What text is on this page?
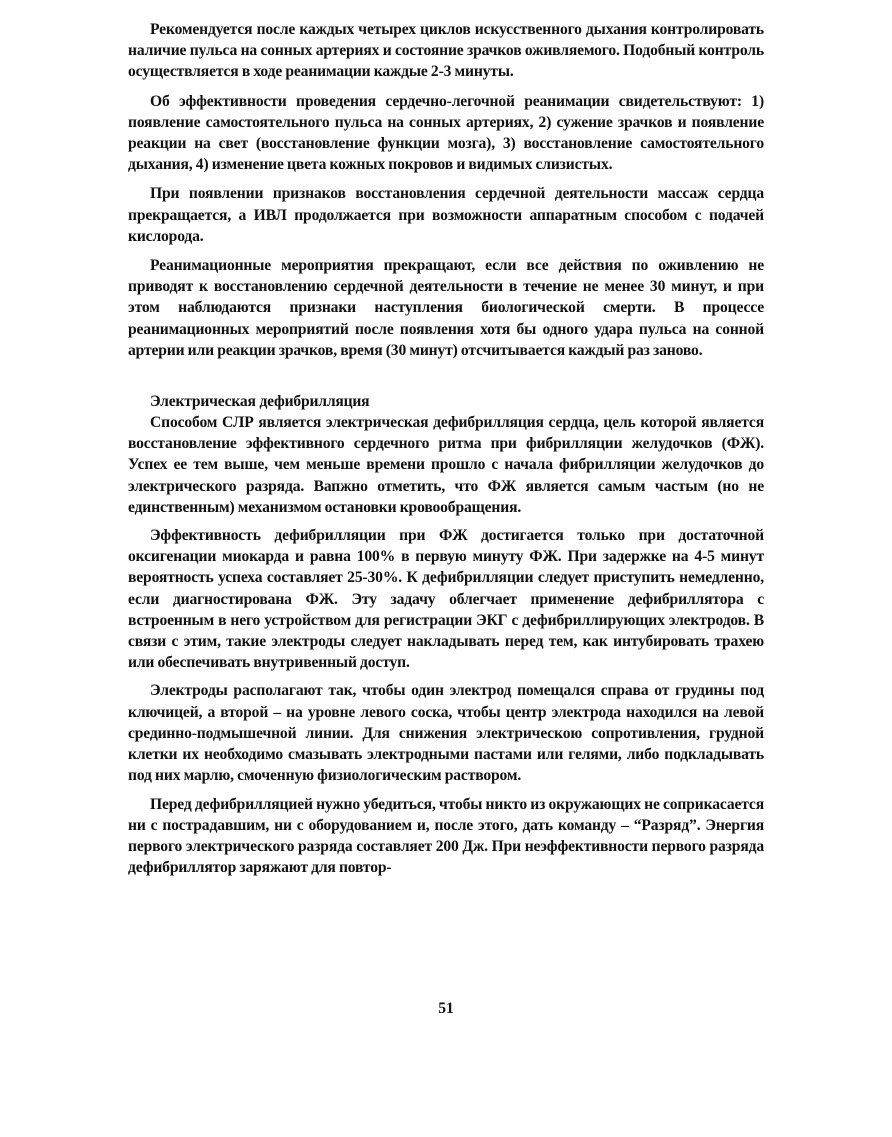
Рекомендуется после каждых четырех циклов искусственного дыхания контролировать наличие пульса на сонных артериях и состояние зрачков оживляемого. Подобный контроль осуществляется в ходе реанимации каждые 2-3 минуты.

Об эффективности проведения сердечно-легочной реанимации свидетельствуют: 1) появление самостоятельного пульса на сонных артериях, 2) сужение зрачков и появление реакции на свет (восстановление функции мозга), 3) восстановление самостоятельного дыхания, 4) изменение цвета кожных покровов и видимых слизистых.

При появлении признаков восстановления сердечной деятельности массаж сердца прекращается, а ИВЛ продолжается при возможности аппаратным способом с подачей кислорода.

Реанимационные мероприятия прекращают, если все действия по оживлению не приводят к восстановлению сердечной деятельности в течение не менее 30 минут, и при этом наблюдаются признаки наступления биологической смерти. В процессе реанимационных мероприятий после появления хотя бы одного удара пульса на сонной артерии или реакции зрачков, время (30 минут) отсчитывается каждый раз заново.

Электрическая дефибрилляция

Способом СЛР является электрическая дефибрилляция сердца, цель которой является восстановление эффективного сердечного ритма при фибрилляции желудочков (ФЖ). Успех ее тем выше, чем меньше времени прошло с начала фибрилляции желудочков до электрического разряда. Вапжно отметить, что ФЖ является самым частым (но не единственным) механизмом остановки кровообращения.

Эффективность дефибрилляции при ФЖ достигается только при достаточной оксигенации миокарда и равна 100% в первую минуту ФЖ. При задержке на 4-5 минут вероятность успеха составляет 25-30%. К дефибрилляции следует приступить немедленно, если диагностирована ФЖ. Эту задачу облегчает применение дефибриллятора с встроенным в него устройством для регистрации ЭКГ с дефибриллирующих электродов. В связи с этим, такие электроды следует накладывать перед тем, как интубировать трахею или обеспечивать внутривенный доступ.

Электроды располагают так, чтобы один электрод помещался справа от грудины под ключицей, а второй – на уровне левого соска, чтобы центр электрода находился на левой срединно-подмышечной линии. Для снижения электрическою сопротивления, грудной клетки их необходимо смазывать электродными пастами или гелями, либо подкладывать под них марлю, смоченную физиологическим раствором.

Перед дефибрилляцией нужно убедиться, чтобы никто из окружающих не соприкасается ни с пострадавшим, ни с оборудованием и, после этого, дать команду – “Разряд”. Энергия первого электрического разряда составляет 200 Дж. При неэффективности первого разряда дефибриллятор заряжают для повтор-

51
